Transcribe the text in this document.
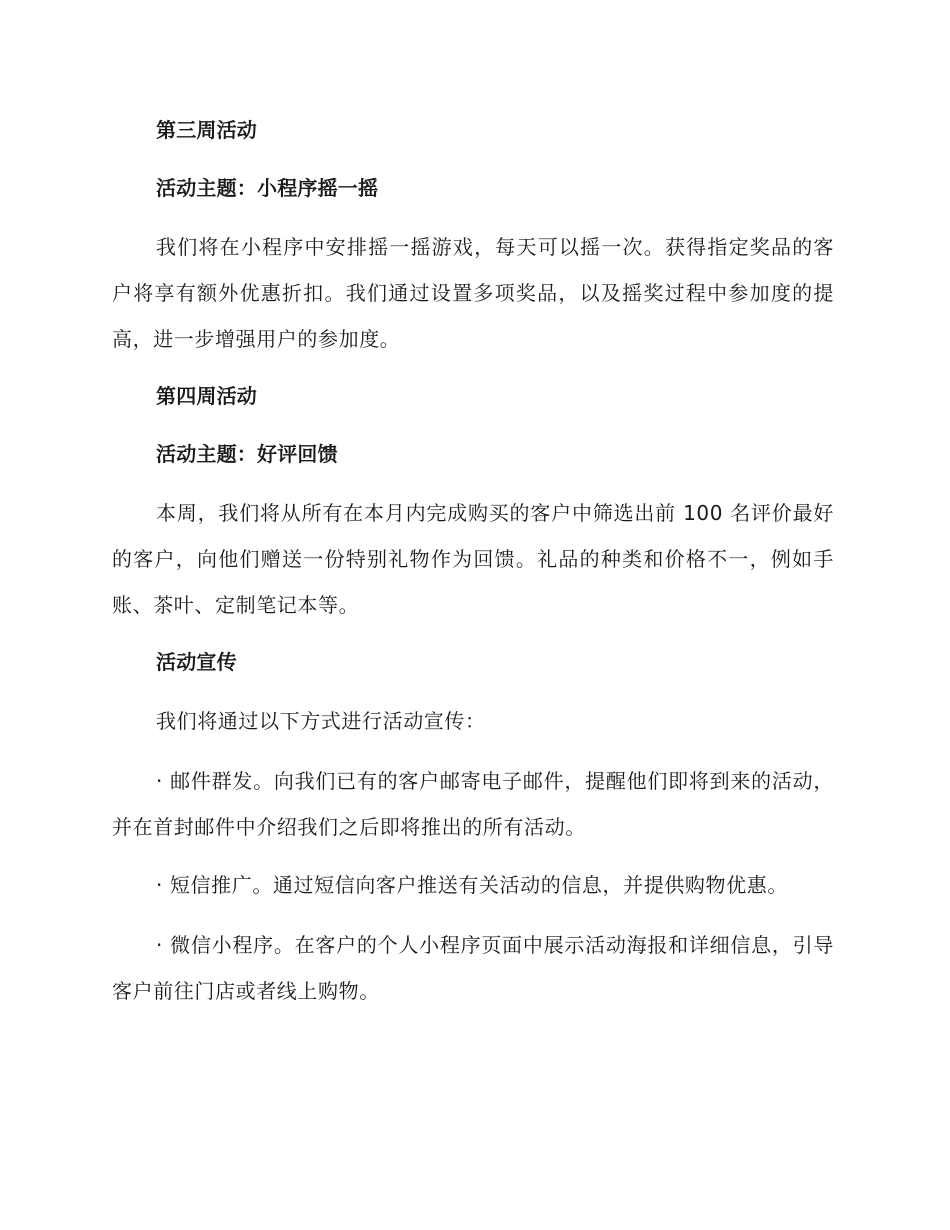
第三周活动

活动主题：小程序摇一摇

我们将在小程序中安排摇一摇游戏，每天可以摇一次。获得指定奖品的客户将享有额外优惠折扣。我们通过设置多项奖品，以及摇奖过程中参加度的提高，进一步增强用户的参加度。

第四周活动

活动主题：好评回馈

本周，我们将从所有在本月内完成购买的客户中筛选出前 100 名评价最好的客户，向他们赠送一份特别礼物作为回馈。礼品的种类和价格不一，例如手账、茶叶、定制笔记本等。

活动宣传

我们将通过以下方式进行活动宣传：

· 邮件群发。向我们已有的客户邮寄电子邮件，提醒他们即将到来的活动，并在首封邮件中介绍我们之后即将推出的所有活动。

· 短信推广。通过短信向客户推送有关活动的信息，并提供购物优惠。

· 微信小程序。在客户的个人小程序页面中展示活动海报和详细信息，引导客户前往门店或者线上购物。
